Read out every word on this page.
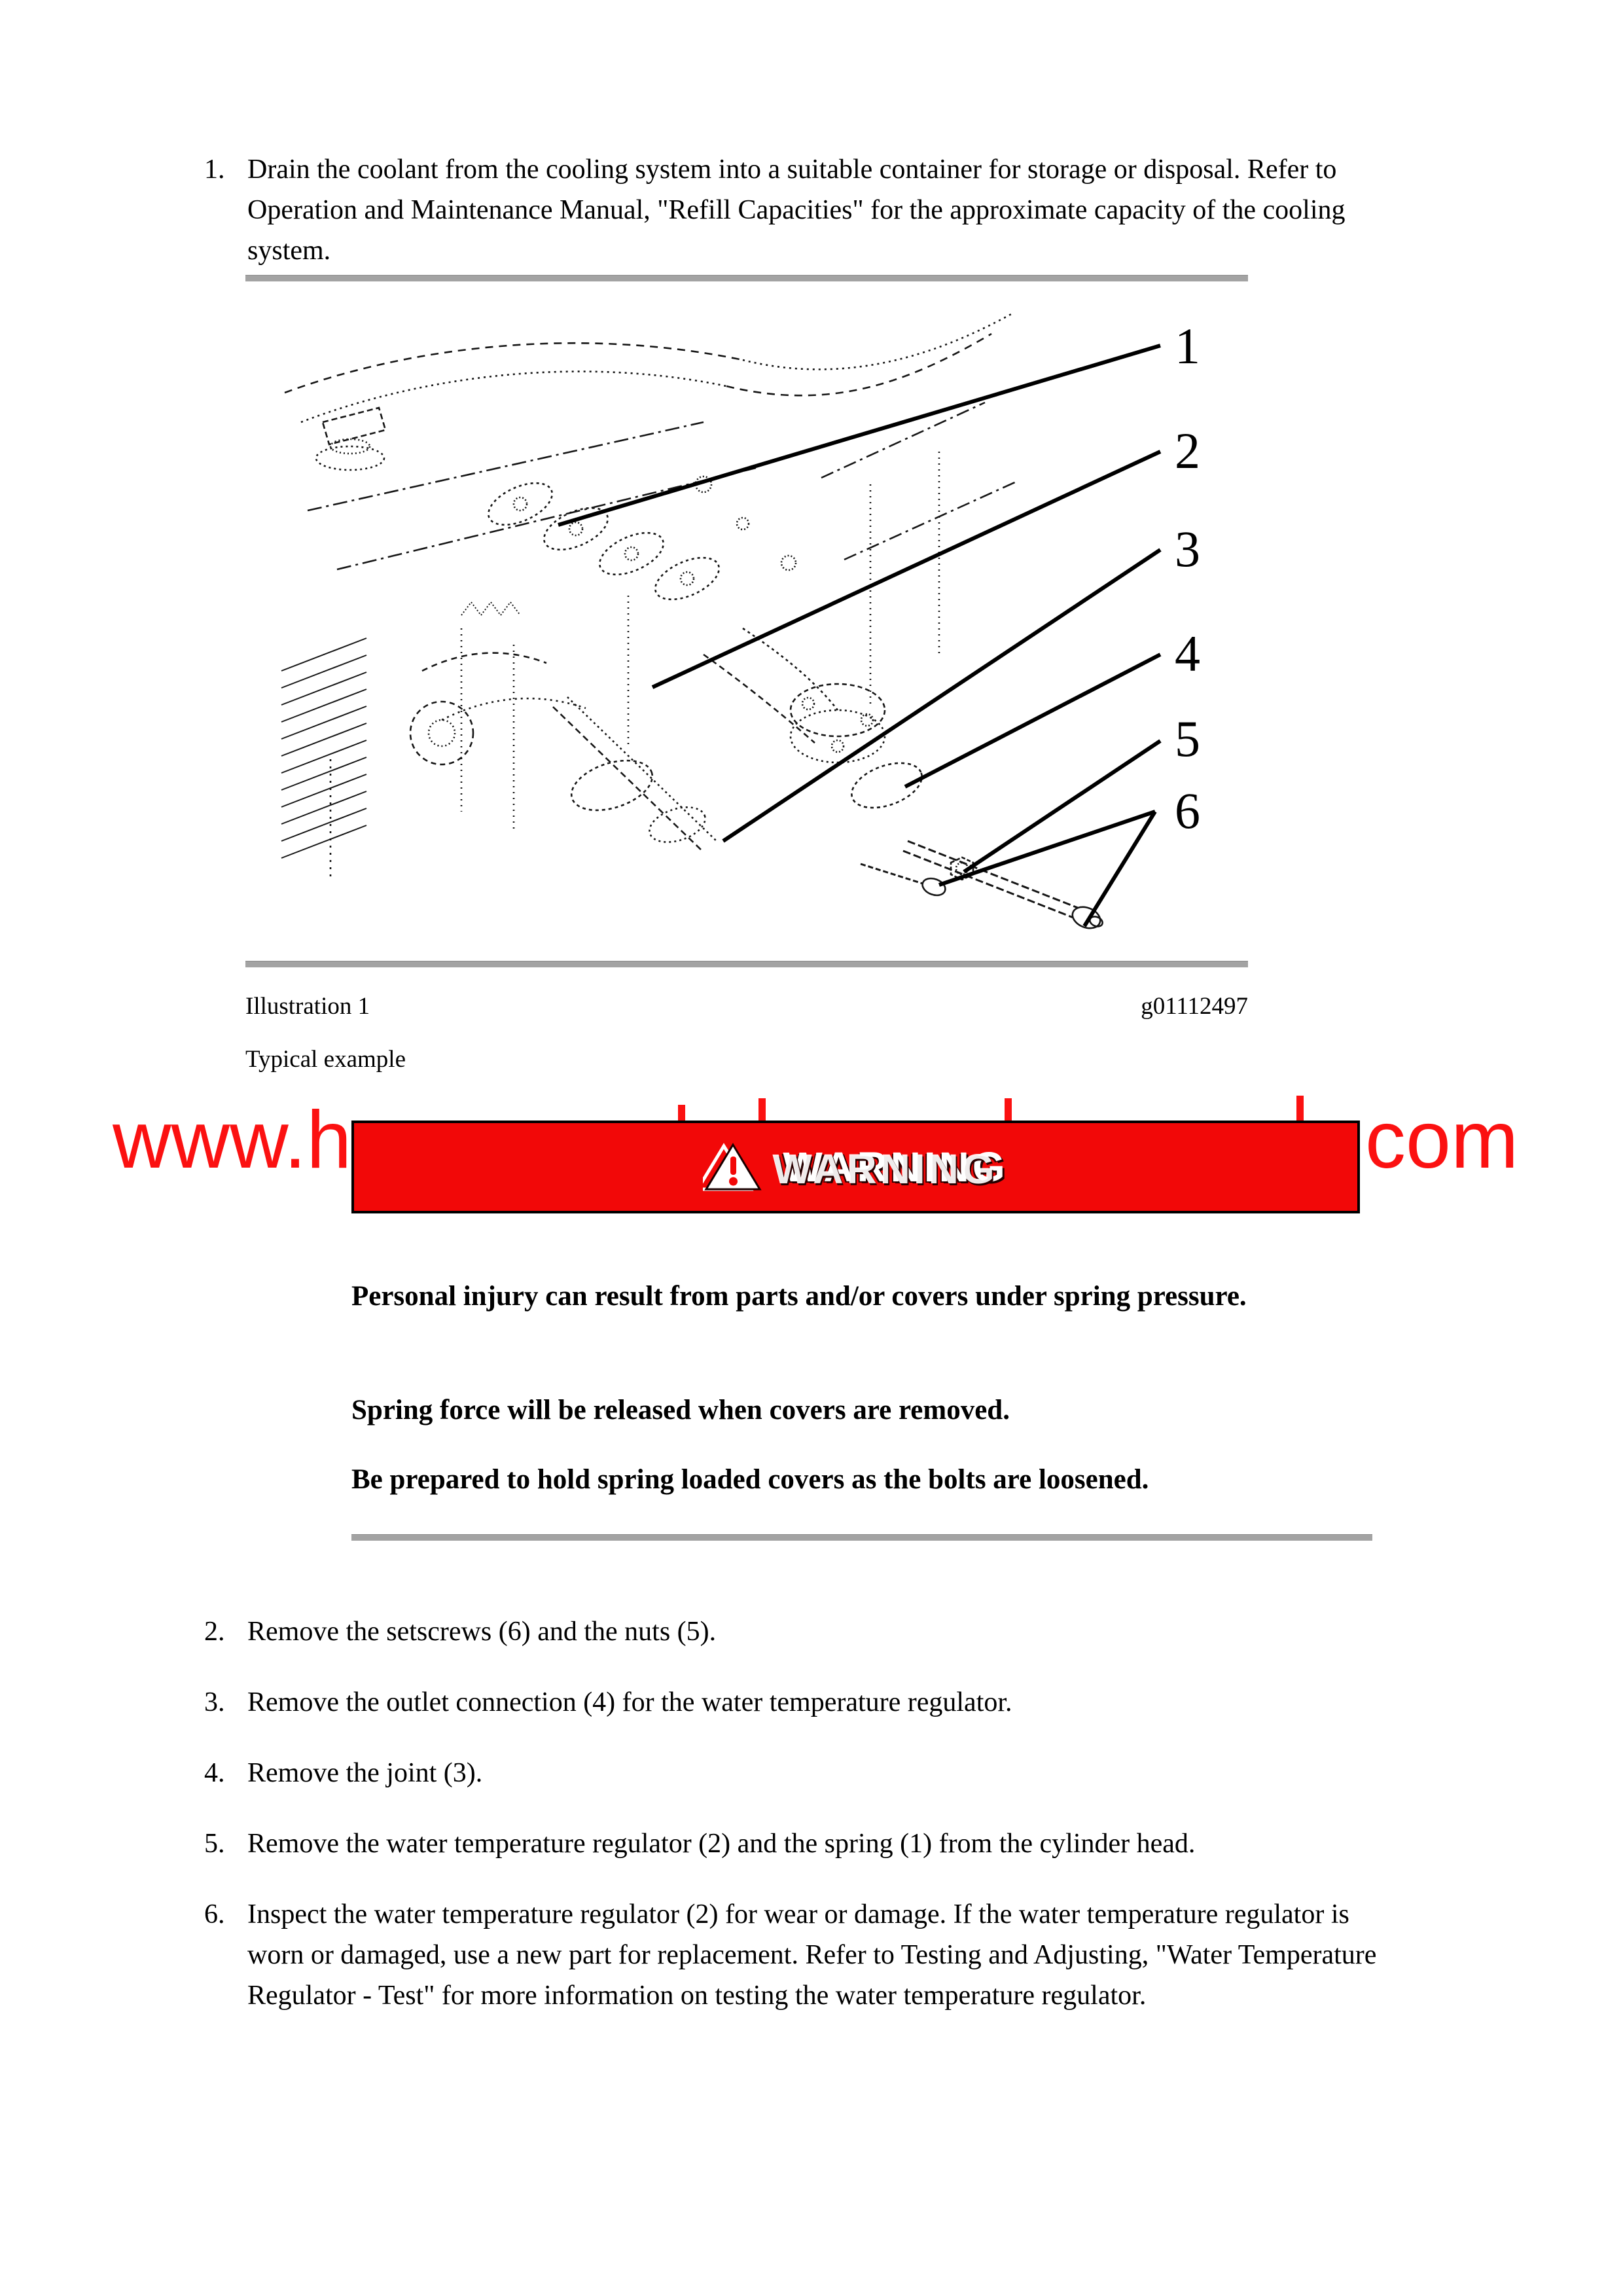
1. Drain the coolant from the cooling system into a suitable container for storage or disposal. Refer to Operation and Maintenance Manual, "Refill Capacities" for the approximate capacity of the cooling system.
1
2
3
4
5
6
Illustration 1	g01112497
Typical example
www.h	com
WARNING WARNING
Personal injury can result from parts and/or covers under spring pressure.
Spring force will be released when covers are removed.
Be prepared to hold spring loaded covers as the bolts are loosened.
2. Remove the setscrews (6) and the nuts (5).
3. Remove the outlet connection (4) for the water temperature regulator.
4. Remove the joint (3).
5. Remove the water temperature regulator (2) and the spring (1) from the cylinder head.
6. Inspect the water temperature regulator (2) for wear or damage. If the water temperature regulator is worn or damaged, use a new part for replacement. Refer to Testing and Adjusting, "Water Temperature Regulator - Test" for more information on testing the water temperature regulator.
